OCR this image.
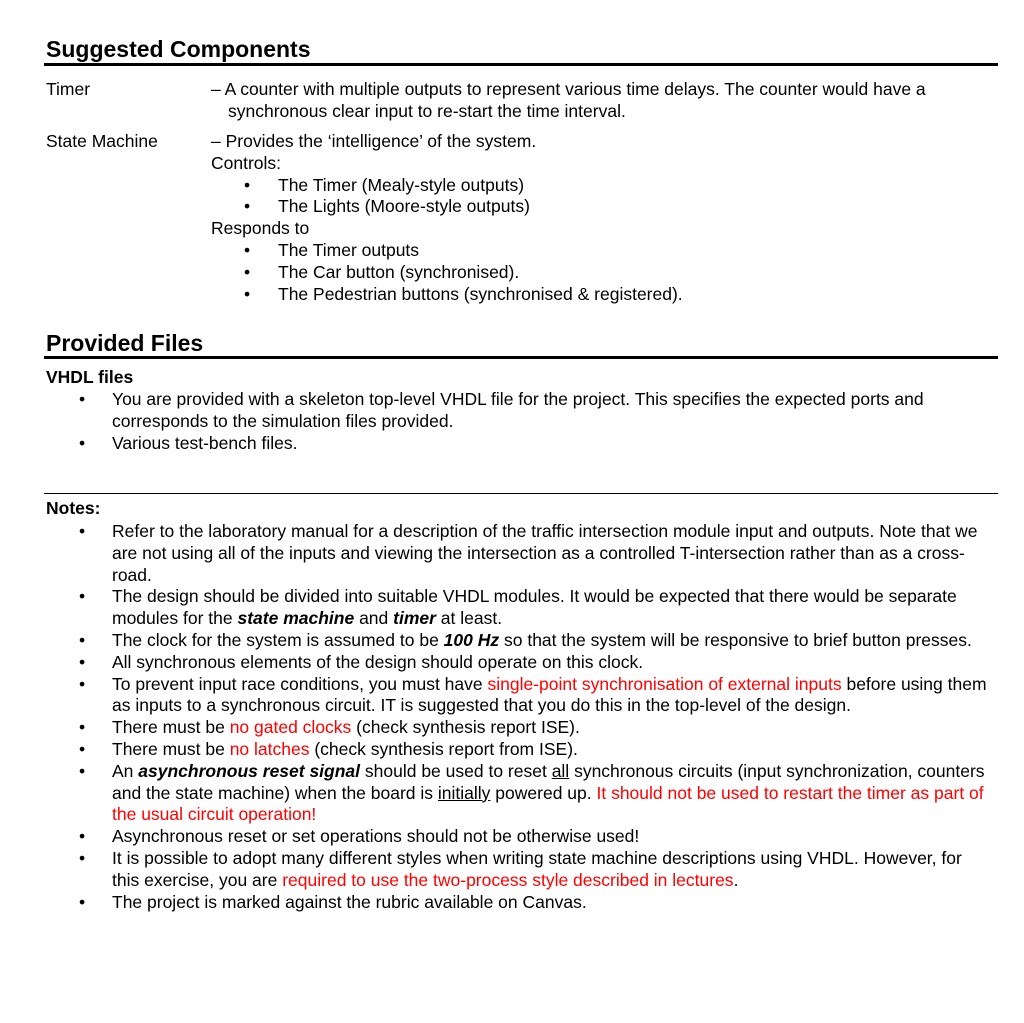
Suggested Components
Timer	– A counter with multiple outputs to represent various time delays. The counter would have a
synchronous clear input to re-start the time interval.
State Machine	– Provides the ‘intelligence’ of the system.
Controls:
• The Timer (Mealy-style outputs)
• The Lights (Moore-style outputs)
Responds to
• The Timer outputs
• The Car button (synchronised).
• The Pedestrian buttons (synchronised & registered).
Provided Files
VHDL files
• You are provided with a skeleton top-level VHDL file for the project. This specifies the expected ports and corresponds to the simulation files provided.
• Various test-bench files.
Notes:
• Refer to the laboratory manual for a description of the traffic intersection module input and outputs. Note that we are not using all of the inputs and viewing the intersection as a controlled T-intersection rather than as a cross-road.
• The design should be divided into suitable VHDL modules. It would be expected that there would be separate modules for the state machine and timer at least.
• The clock for the system is assumed to be 100 Hz so that the system will be responsive to brief button presses.
• All synchronous elements of the design should operate on this clock.
• To prevent input race conditions, you must have single-point synchronisation of external inputs before using them as inputs to a synchronous circuit. IT is suggested that you do this in the top-level of the design.
• There must be no gated clocks (check synthesis report ISE).
• There must be no latches (check synthesis report from ISE).
• An asynchronous reset signal should be used to reset all synchronous circuits (input synchronization, counters and the state machine) when the board is initially powered up. It should not be used to restart the timer as part of the usual circuit operation!
• Asynchronous reset or set operations should not be otherwise used!
• It is possible to adopt many different styles when writing state machine descriptions using VHDL. However, for this exercise, you are required to use the two-process style described in lectures.
• The project is marked against the rubric available on Canvas.
